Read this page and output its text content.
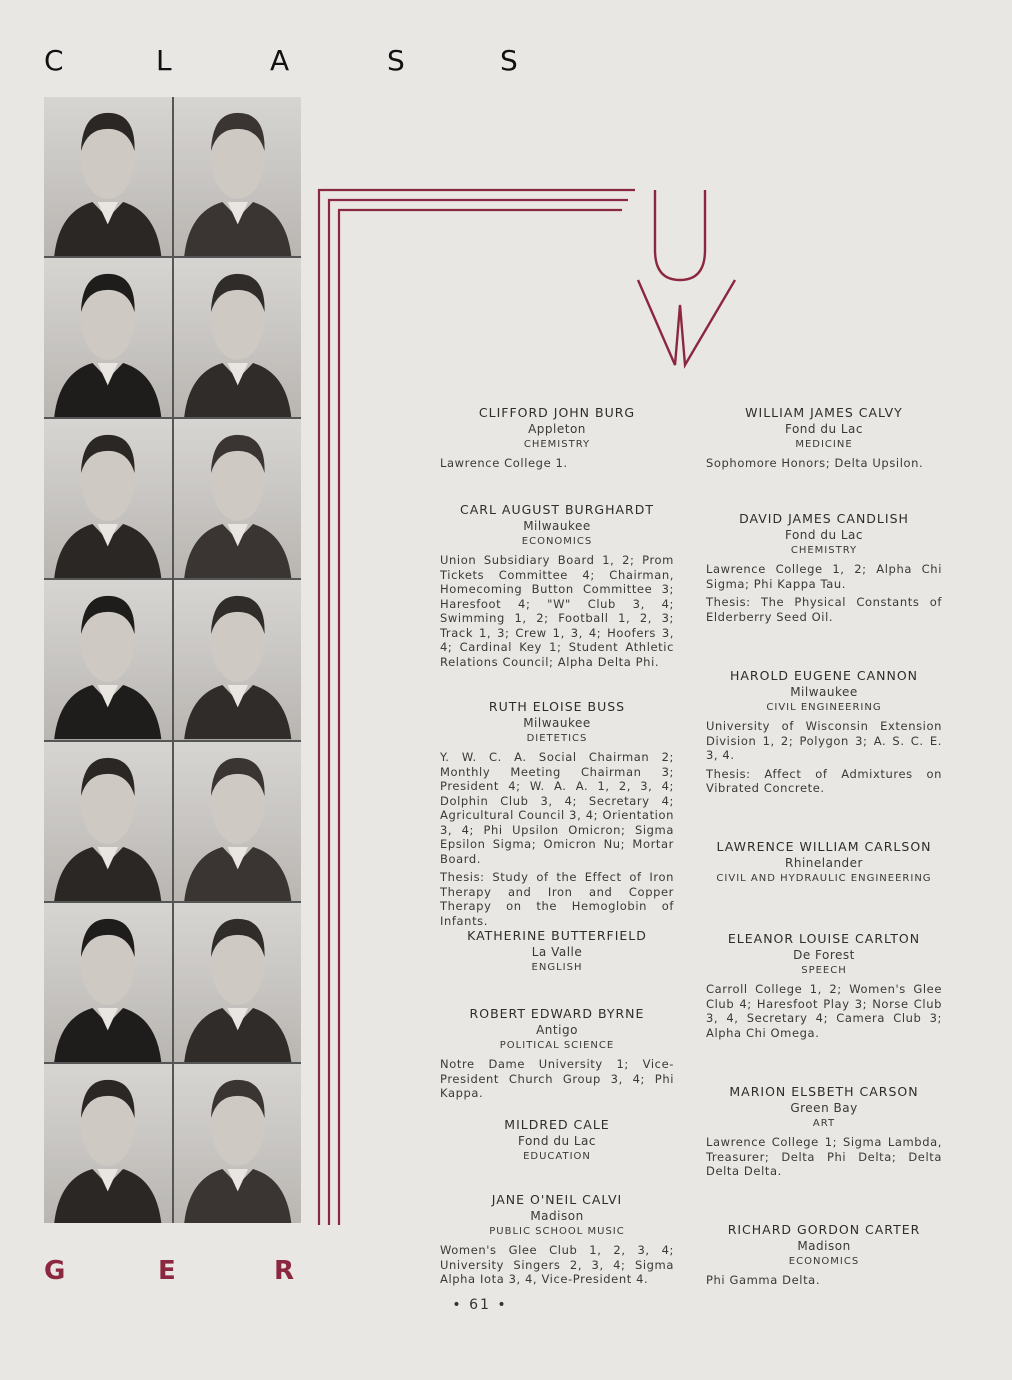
C	L	A	S	S
CLIFFORD JOHN BURG
Appleton
CHEMISTRY
Lawrence College 1.
CARL AUGUST BURGHARDT
Milwaukee
ECONOMICS
Union Subsidiary Board 1, 2; Prom Tickets Committee 4; Chairman, Homecoming Button Committee 3; Haresfoot 4; "W" Club 3, 4; Swimming 1, 2; Football 1, 2, 3; Track 1, 3; Crew 1, 3, 4; Hoofers 3, 4; Cardinal Key 1; Student Athletic Relations Council; Alpha Delta Phi.
RUTH ELOISE BUSS
Milwaukee
DIETETICS
Y. W. C. A. Social Chairman 2; Monthly Meeting Chairman 3; President 4; W. A. A. 1, 2, 3, 4; Dolphin Club 3, 4; Secretary 4; Agricultural Council 3, 4; Orientation 3, 4; Phi Upsilon Omicron; Sigma Epsilon Sigma; Omicron Nu; Mortar Board.
Thesis: Study of the Effect of Iron Therapy and Iron and Copper Therapy on the Hemoglobin of Infants.
KATHERINE BUTTERFIELD
La Valle
ENGLISH
ROBERT EDWARD BYRNE
Antigo
POLITICAL SCIENCE
Notre Dame University 1; Vice-President Church Group 3, 4; Phi Kappa.
MILDRED CALE
Fond du Lac
EDUCATION
JANE O'NEIL CALVI
Madison
PUBLIC SCHOOL MUSIC
Women's Glee Club 1, 2, 3, 4; University Singers 2, 3, 4; Sigma Alpha Iota 3, 4, Vice-President 4.
WILLIAM JAMES CALVY
Fond du Lac
MEDICINE
Sophomore Honors; Delta Upsilon.
DAVID JAMES CANDLISH
Fond du Lac
CHEMISTRY
Lawrence College 1, 2; Alpha Chi Sigma; Phi Kappa Tau.
Thesis: The Physical Constants of Elderberry Seed Oil.
HAROLD EUGENE CANNON
Milwaukee
CIVIL ENGINEERING
University of Wisconsin Extension Division 1, 2; Polygon 3; A. S. C. E. 3, 4.
Thesis: Affect of Admixtures on Vibrated Concrete.
LAWRENCE WILLIAM CARLSON
Rhinelander
CIVIL AND HYDRAULIC ENGINEERING
ELEANOR LOUISE CARLTON
De Forest
SPEECH
Carroll College 1, 2; Women's Glee Club 4; Haresfoot Play 3; Norse Club 3, 4, Secretary 4; Camera Club 3; Alpha Chi Omega.
MARION ELSBETH CARSON
Green Bay
ART
Lawrence College 1; Sigma Lambda, Treasurer; Delta Phi Delta; Delta Delta Delta.
RICHARD GORDON CARTER
Madison
ECONOMICS
Phi Gamma Delta.
G	E	R
• 61 •
